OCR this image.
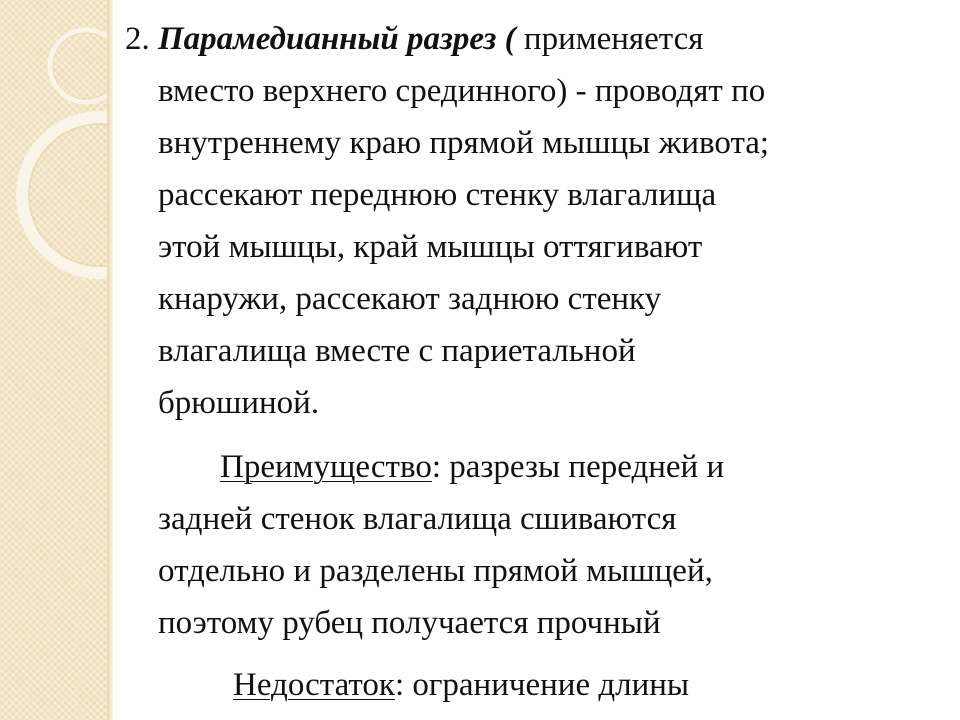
2. Парамедианный разрез ( применяется
вместо верхнего срединного) - проводят по
внутреннему краю прямой мышцы живота;
рассекают переднюю стенку влагалища
этой мышцы, край мышцы оттягивают
кнаружи, рассекают заднюю стенку
влагалища вместе с париетальной
брюшиной.
Преимущество: разрезы передней и
задней стенок влагалища сшиваются
отдельно и разделены прямой мышцей,
поэтому рубец получается прочный
Недостаток: ограничение длины
